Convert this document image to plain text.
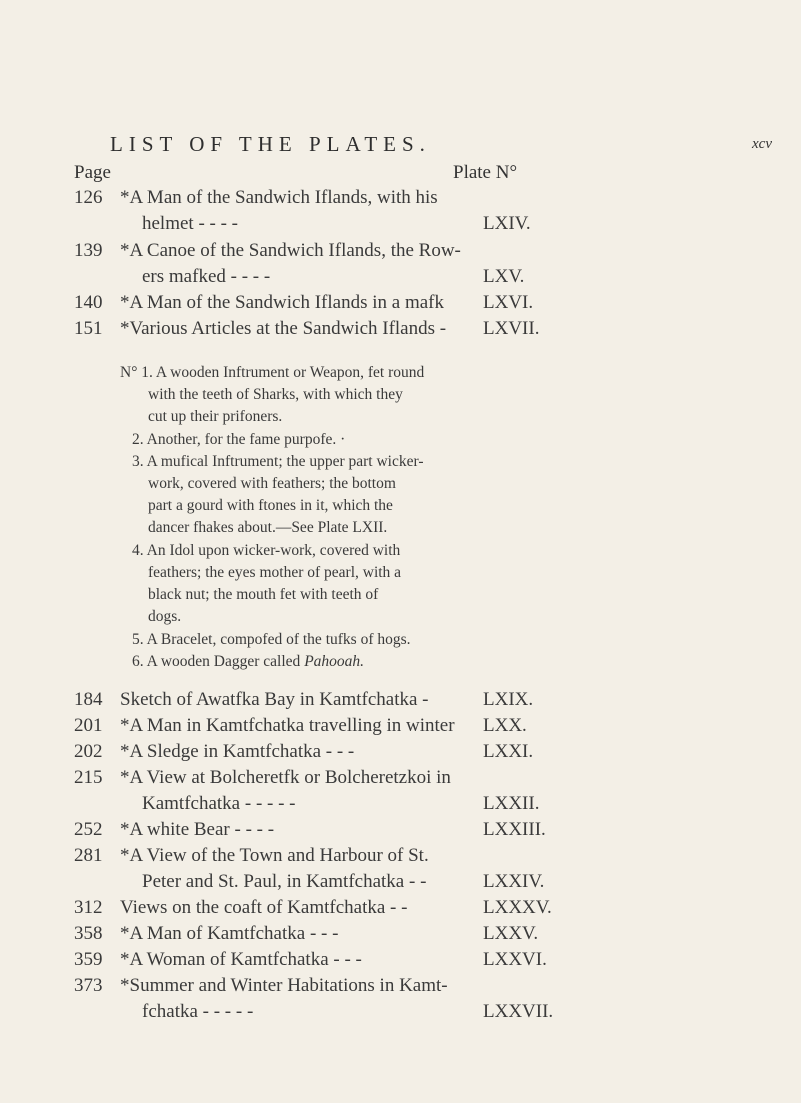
LIST OF THE PLATES.	xcv
Page	Plate N°
126 *A Man of the Sandwich Iflands, with his
helmet - - - -	LXIV.
139 *A Canoe of the Sandwich Iflands, the Row-
ers mafked - - - -	LXV.
140 *A Man of the Sandwich Iflands in a mafk LXVI.
151 *Various Articles at the Sandwich Iflands - LXVII.
N° 1. A wooden Inftrument or Weapon, fet round
with the teeth of Sharks, with which they
cut up their prifoners.
2. Another, for the fame purpofe. ·
3. A mufical Inftrument; the upper part wicker-
work, covered with feathers; the bottom
part a gourd with ftones in it, which the
dancer fhakes about.—See Plate LXII.
4. An Idol upon wicker-work, covered with
feathers; the eyes mother of pearl, with a
black nut; the mouth fet with teeth of
dogs.
5. A Bracelet, compofed of the tufks of hogs.
6. A wooden Dagger called Pahooah.
184 Sketch of Awatfka Bay in Kamtfchatka -	LXIX.
201 *A Man in Kamtfchatka travelling in winter LXX.
202 *A Sledge in Kamtfchatka - - -	LXXI.
215 *A View at Bolcheretfk or Bolcheretzkoi in
Kamtfchatka - - - - -	LXXII.
252 *A white Bear - - - -	LXXIII.
281 *A View of the Town and Harbour of St.
Peter and St. Paul, in Kamtfchatka - -	LXXIV.
312 Views on the coaft of Kamtfchatka - -	LXXXV.
358 *A Man of Kamtfchatka - - -	LXXV.
359 *A Woman of Kamtfchatka - - -	LXXVI.
373 *Summer and Winter Habitations in Kamt-
fchatka - - - - -	LXXVII.
